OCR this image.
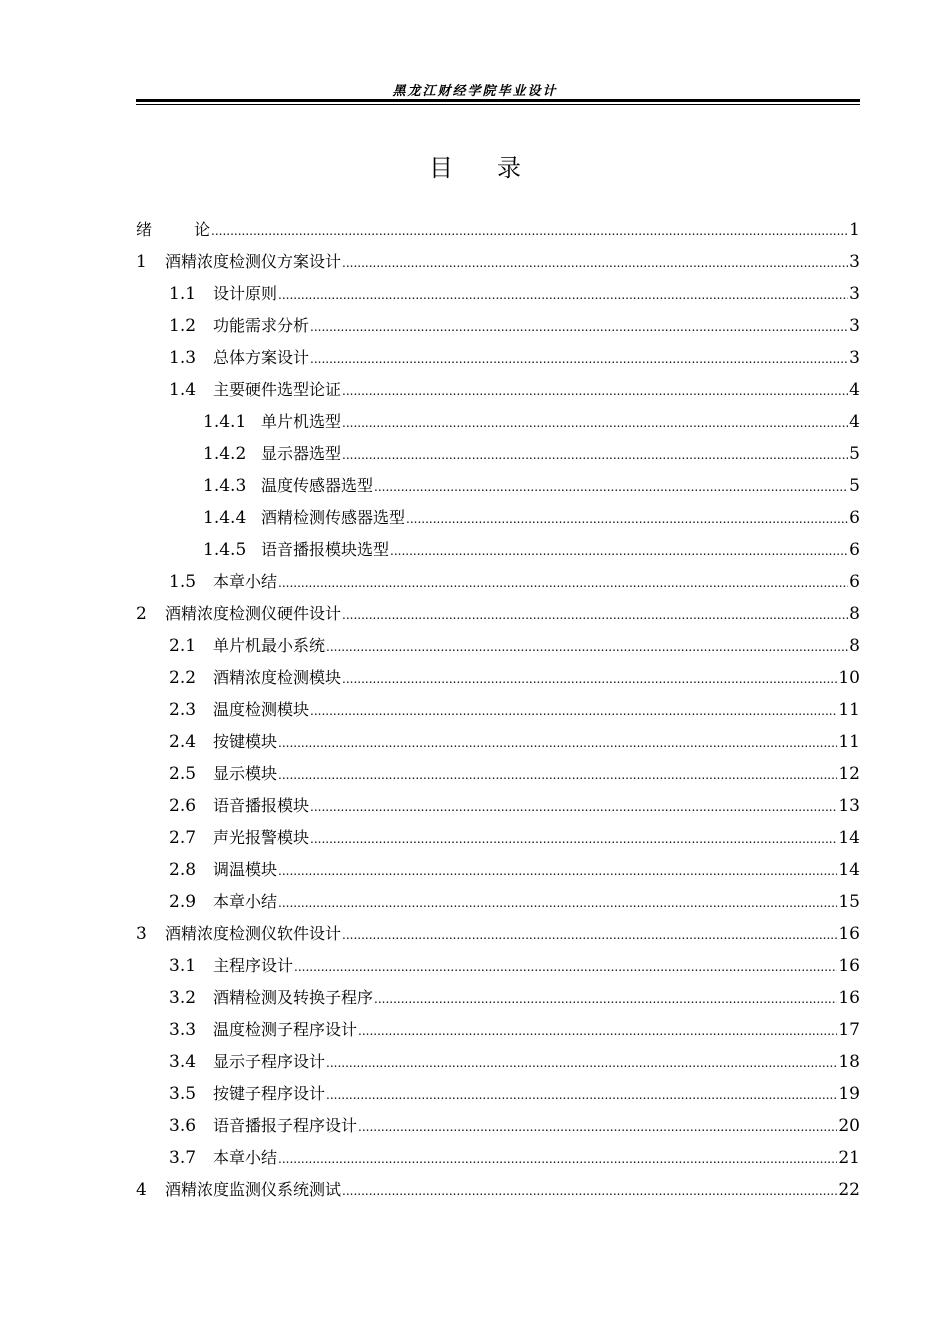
黑龙江财经学院毕业设计
目 录
绪	论 .....	1
1	酒精浓度检测仪方案设计 .....	3
1.1	设计原则 .....	3
1.2	功能需求分析 .....	3
1.3	总体方案设计 .....	3
1.4	主要硬件选型论证 .....	4
1.4.1 单片机选型 .....	4
1.4.2 显示器选型 .....	5
1.4.3 温度传感器选型 .....	5
1.4.4 酒精检测传感器选型 .....	6
1.4.5 语音播报模块选型 .....	6
1.5	本章小结 .....	6
2	酒精浓度检测仪硬件设计 .....	8
2.1	单片机最小系统 .....	8
2.2	酒精浓度检测模块 .....	10
2.3	温度检测模块 .....	11
2.4	按键模块 .....	11
2.5	显示模块 .....	12
2.6	语音播报模块 .....	13
2.7	声光报警模块 .....	14
2.8	调温模块 .....	14
2.9	本章小结 .....	15
3	酒精浓度检测仪软件设计 .....	16
3.1	主程序设计 .....	16
3.2	酒精检测及转换子程序 .....	16
3.3	温度检测子程序设计 .....	17
3.4	显示子程序设计 .....	18
3.5	按键子程序设计 .....	19
3.6	语音播报子程序设计 .....	20
3.7	本章小结 .....	21
4	酒精浓度监测仪系统测试 .....	22
